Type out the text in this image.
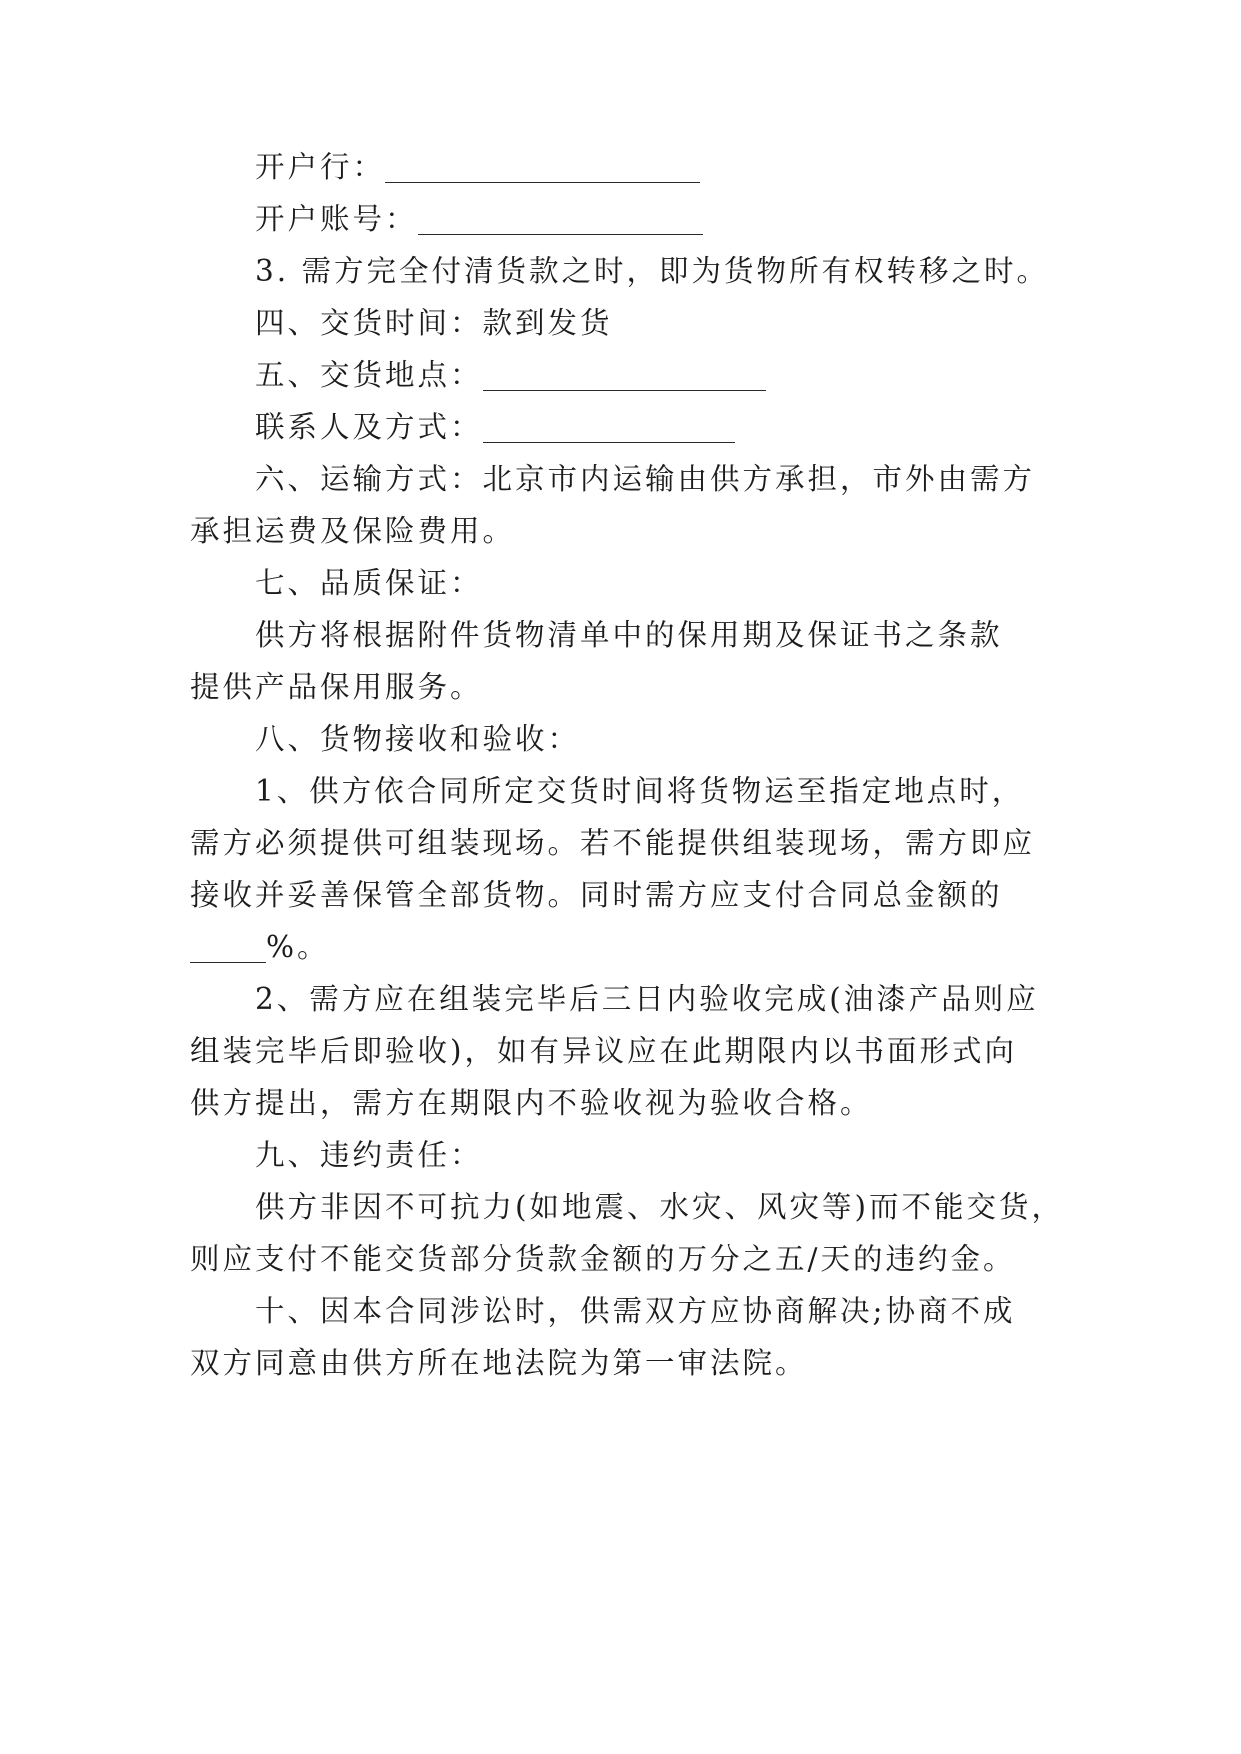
开户行：
开户账号：
3. 需方完全付清货款之时，即为货物所有权转移之时。
四、交货时间：款到发货
五、交货地点：
联系人及方式：
六、运输方式：北京市内运输由供方承担，市外由需方
承担运费及保险费用。
七、品质保证：
供方将根据附件货物清单中的保用期及保证书之条款
提供产品保用服务。
八、货物接收和验收：
1、供方依合同所定交货时间将货物运至指定地点时，
需方必须提供可组装现场。若不能提供组装现场，需方即应
接收并妥善保管全部货物。同时需方应支付合同总金额的
%。
2、需方应在组装完毕后三日内验收完成(油漆产品则应
组装完毕后即验收)，如有异议应在此期限内以书面形式向
供方提出，需方在期限内不验收视为验收合格。
九、违约责任：
供方非因不可抗力(如地震、水灾、风灾等)而不能交货，
则应支付不能交货部分货款金额的万分之五/天的违约金。
十、因本合同涉讼时，供需双方应协商解决;协商不成
双方同意由供方所在地法院为第一审法院。
